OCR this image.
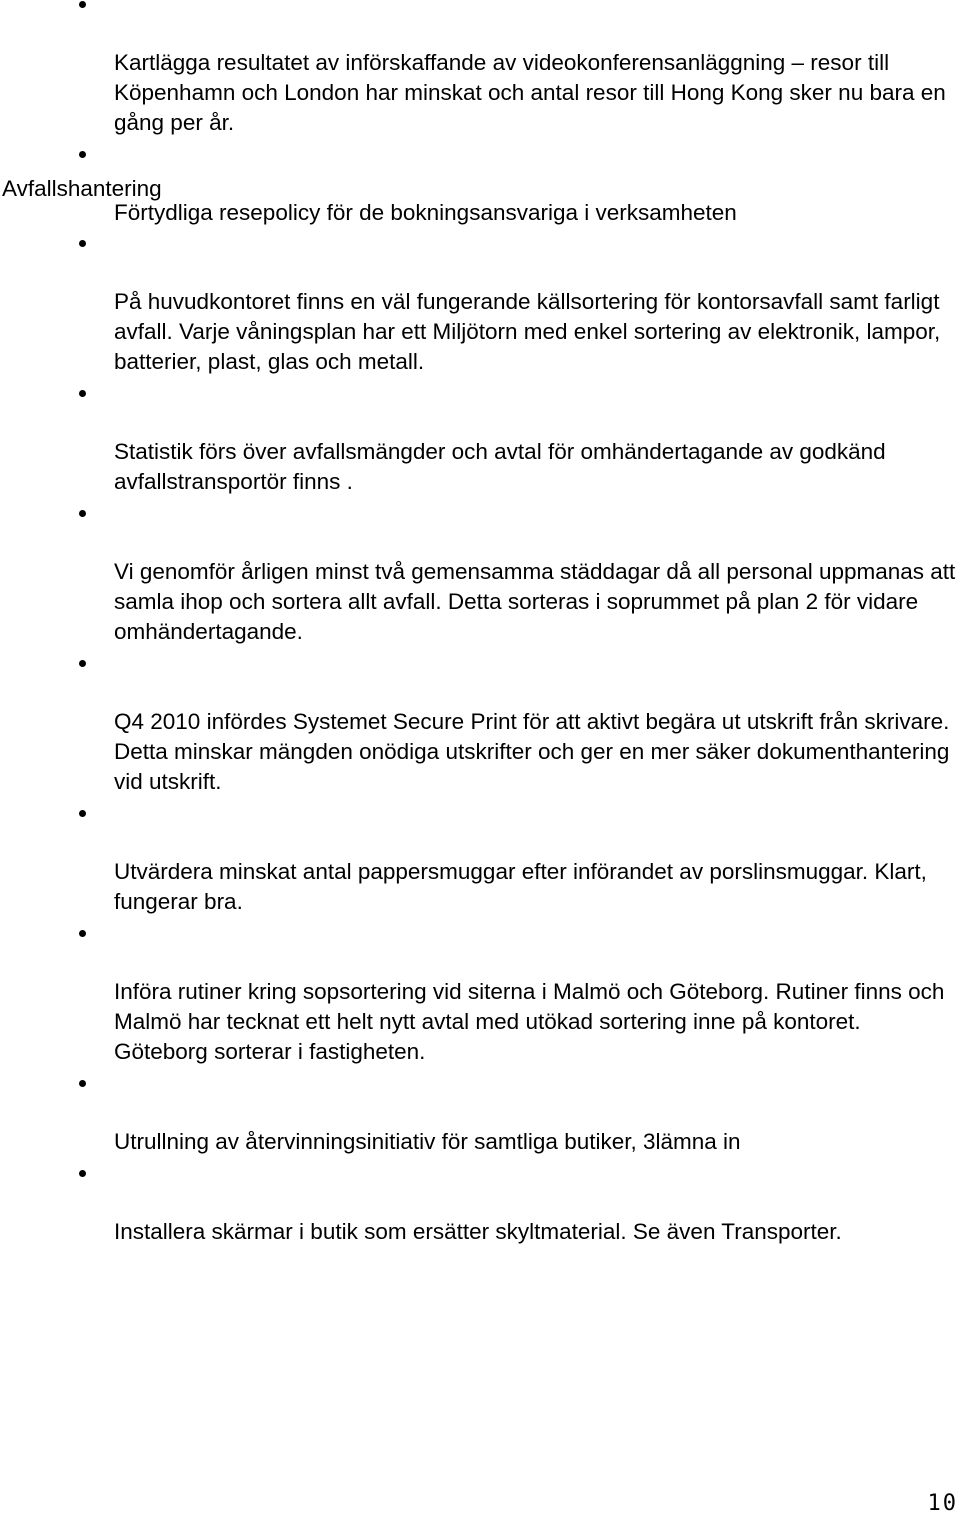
Kartlägga resultatet av införskaffande av videokonferensanläggning – resor till Köpenhamn och London har minskat och antal resor till Hong Kong sker nu bara en gång per år.

Förtydliga resepolicy för de bokningsansvariga i verksamheten

Avfallshantering

På huvudkontoret finns en väl fungerande källsortering för kontorsavfall samt farligt avfall. Varje våningsplan har ett Miljötorn med enkel sortering av elektronik, lampor, batterier, plast, glas och metall.

Statistik förs över avfallsmängder och avtal för omhändertagande av godkänd avfallstransportör finns .

Vi genomför årligen minst två gemensamma städdagar då all personal uppmanas att samla ihop och sortera allt avfall. Detta sorteras i soprummet på plan 2 för vidare omhändertagande.

Q4 2010 infördes Systemet Secure Print för att aktivt begära ut utskrift från skrivare. Detta minskar mängden onödiga utskrifter och ger en mer säker dokumenthantering vid utskrift.

Utvärdera minskat antal pappersmuggar efter införandet av porslinsmuggar. Klart, fungerar bra.

Införa rutiner kring sopsortering vid siterna i Malmö och Göteborg. Rutiner finns och Malmö har tecknat ett helt nytt avtal med utökad sortering inne på kontoret. Göteborg sorterar i fastigheten.

Utrullning av återvinningsinitiativ för samtliga butiker, 3lämna in

Installera skärmar i butik som ersätter skyltmaterial. Se även Transporter.

10
